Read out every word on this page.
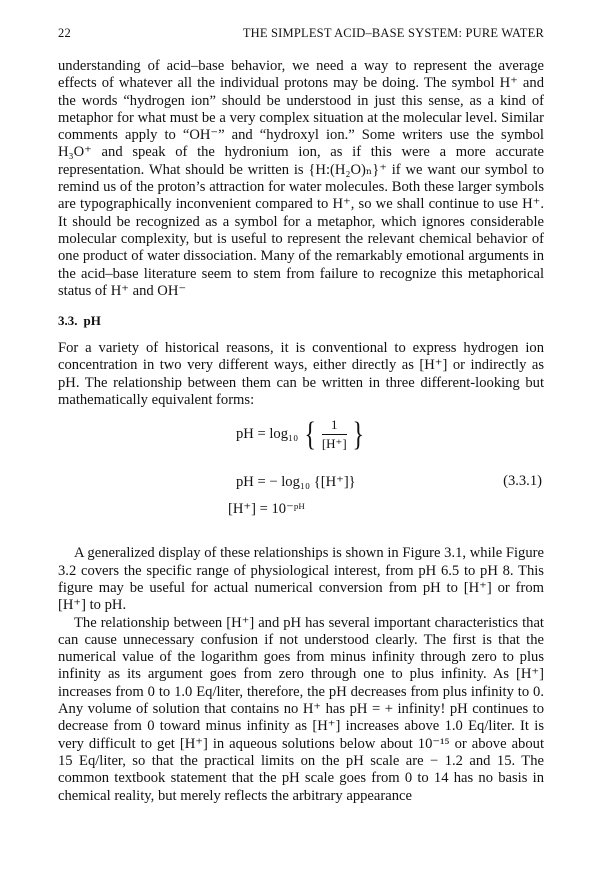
22	THE SIMPLEST ACID–BASE SYSTEM: PURE WATER

understanding of acid–base behavior, we need a way to represent the average effects of whatever all the individual protons may be doing. The symbol H⁺ and the words “hydrogen ion” should be understood in just this sense, as a kind of metaphor for what must be a very complex situation at the molecular level. Similar comments apply to “OH⁻” and “hydroxyl ion.” Some writers use the symbol H₃O⁺ and speak of the hydronium ion, as if this were a more accurate representation. What should be written is {H:(H₂O)ₙ}⁺ if we want our symbol to remind us of the proton’s attraction for water molecules. Both these larger symbols are typographically inconvenient compared to H⁺, so we shall continue to use H⁺. It should be recognized as a symbol for a metaphor, which ignores considerable molecular complexity, but is useful to represent the relevant chemical behavior of one product of water dissociation. Many of the remarkably emotional arguments in the acid–base literature seem to stem from failure to recognize this metaphorical status of H⁺ and OH⁻

3.3. pH

For a variety of historical reasons, it is conventional to express hydrogen ion concentration in two very different ways, either directly as [H⁺] or indirectly as pH. The relationship between them can be written in three different-looking but mathematically equivalent forms:

pH = log₁₀ { $\frac{1}{[H^+]}$ }
pH = − log₁₀ {[H⁺]}	(3.3.1)
[H⁺] = 10⁻ᵖᴴ

A generalized display of these relationships is shown in Figure 3.1, while Figure 3.2 covers the specific range of physiological interest, from pH 6.5 to pH 8. This figure may be useful for actual numerical conversion from pH to [H⁺] or from [H⁺] to pH.

The relationship between [H⁺] and pH has several important characteristics that can cause unnecessary confusion if not understood clearly. The first is that the numerical value of the logarithm goes from minus infinity through zero to plus infinity as its argument goes from zero through one to plus infinity. As [H⁺] increases from 0 to 1.0 Eq/liter, therefore, the pH decreases from plus infinity to 0. Any volume of solution that contains no H⁺ has pH = + infinity! pH continues to decrease from 0 toward minus infinity as [H⁺] increases above 1.0 Eq/liter. It is very difficult to get [H⁺] in aqueous solutions below about 10⁻¹⁵ or above about 15 Eq/liter, so that the practical limits on the pH scale are − 1.2 and 15. The common textbook statement that the pH scale goes from 0 to 14 has no basis in chemical reality, but merely reflects the arbitrary appearance
